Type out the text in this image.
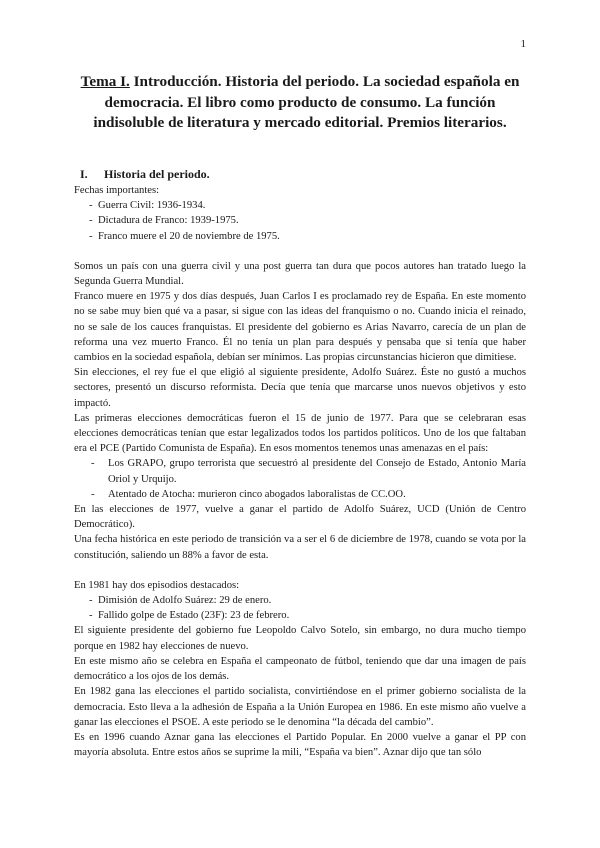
1
Tema I. Introducción. Historia del periodo. La sociedad española en democracia. El libro como producto de consumo. La función indisoluble de literatura y mercado editorial. Premios literarios.
I. Historia del periodo.

Fechas importantes:

- Guerra Civil: 1936-1934.
- Dictadura de Franco: 1939-1975.
- Franco muere el 20 de noviembre de 1975.

Somos un país con una guerra civil y una post guerra tan dura que pocos autores han tratado luego la Segunda Guerra Mundial.

Franco muere en 1975 y dos días después, Juan Carlos I es proclamado rey de España. En este momento no se sabe muy bien qué va a pasar, si sigue con las ideas del franquismo o no. Cuando inicia el reinado, no se sale de los cauces franquistas. El presidente del gobierno es Arias Navarro, carecía de un plan de reforma una vez muerto Franco. Él no tenía un plan para después y pensaba que si tenía que haber cambios en la sociedad española, debían ser mínimos. Las propias circunstancias hicieron que dimitiese.

Sin elecciones, el rey fue el que eligió al siguiente presidente, Adolfo Suárez. Éste no gustó a muchos sectores, presentó un discurso reformista. Decía que tenía que marcarse unos nuevos objetivos y esto impactó.

Las primeras elecciones democráticas fueron el 15 de junio de 1977. Para que se celebraran esas elecciones democráticas tenían que estar legalizados todos los partidos políticos. Uno de los que faltaban era el PCE (Partido Comunista de España). En esos momentos tenemos unas amenazas en el país:

- Los GRAPO, grupo terrorista que secuestró al presidente del Consejo de Estado, Antonio María Oriol y Urquijo.
- Atentado de Atocha: murieron cinco abogados laboralistas de CC.OO.

En las elecciones de 1977, vuelve a ganar el partido de Adolfo Suárez, UCD (Unión de Centro Democrático).

Una fecha histórica en este periodo de transición va a ser el 6 de diciembre de 1978, cuando se vota por la constitución, saliendo un 88% a favor de esta.

En 1981 hay dos episodios destacados:

- Dimisión de Adolfo Suárez: 29 de enero.
- Fallido golpe de Estado (23F): 23 de febrero.

El siguiente presidente del gobierno fue Leopoldo Calvo Sotelo, sin embargo, no dura mucho tiempo porque en 1982 hay elecciones de nuevo.

En este mismo año se celebra en España el campeonato de fútbol, teniendo que dar una imagen de país democrático a los ojos de los demás.

En 1982 gana las elecciones el partido socialista, convirtiéndose en el primer gobierno socialista de la democracia. Esto lleva a la adhesión de España a la Unión Europea en 1986. En este mismo año vuelve a ganar las elecciones el PSOE. A este periodo se le denomina “la década del cambio”.

Es en 1996 cuando Aznar gana las elecciones el Partido Popular. En 2000 vuelve a ganar el PP con mayoría absoluta. Entre estos años se suprime la mili, “España va bien”. Aznar dijo que tan sólo
